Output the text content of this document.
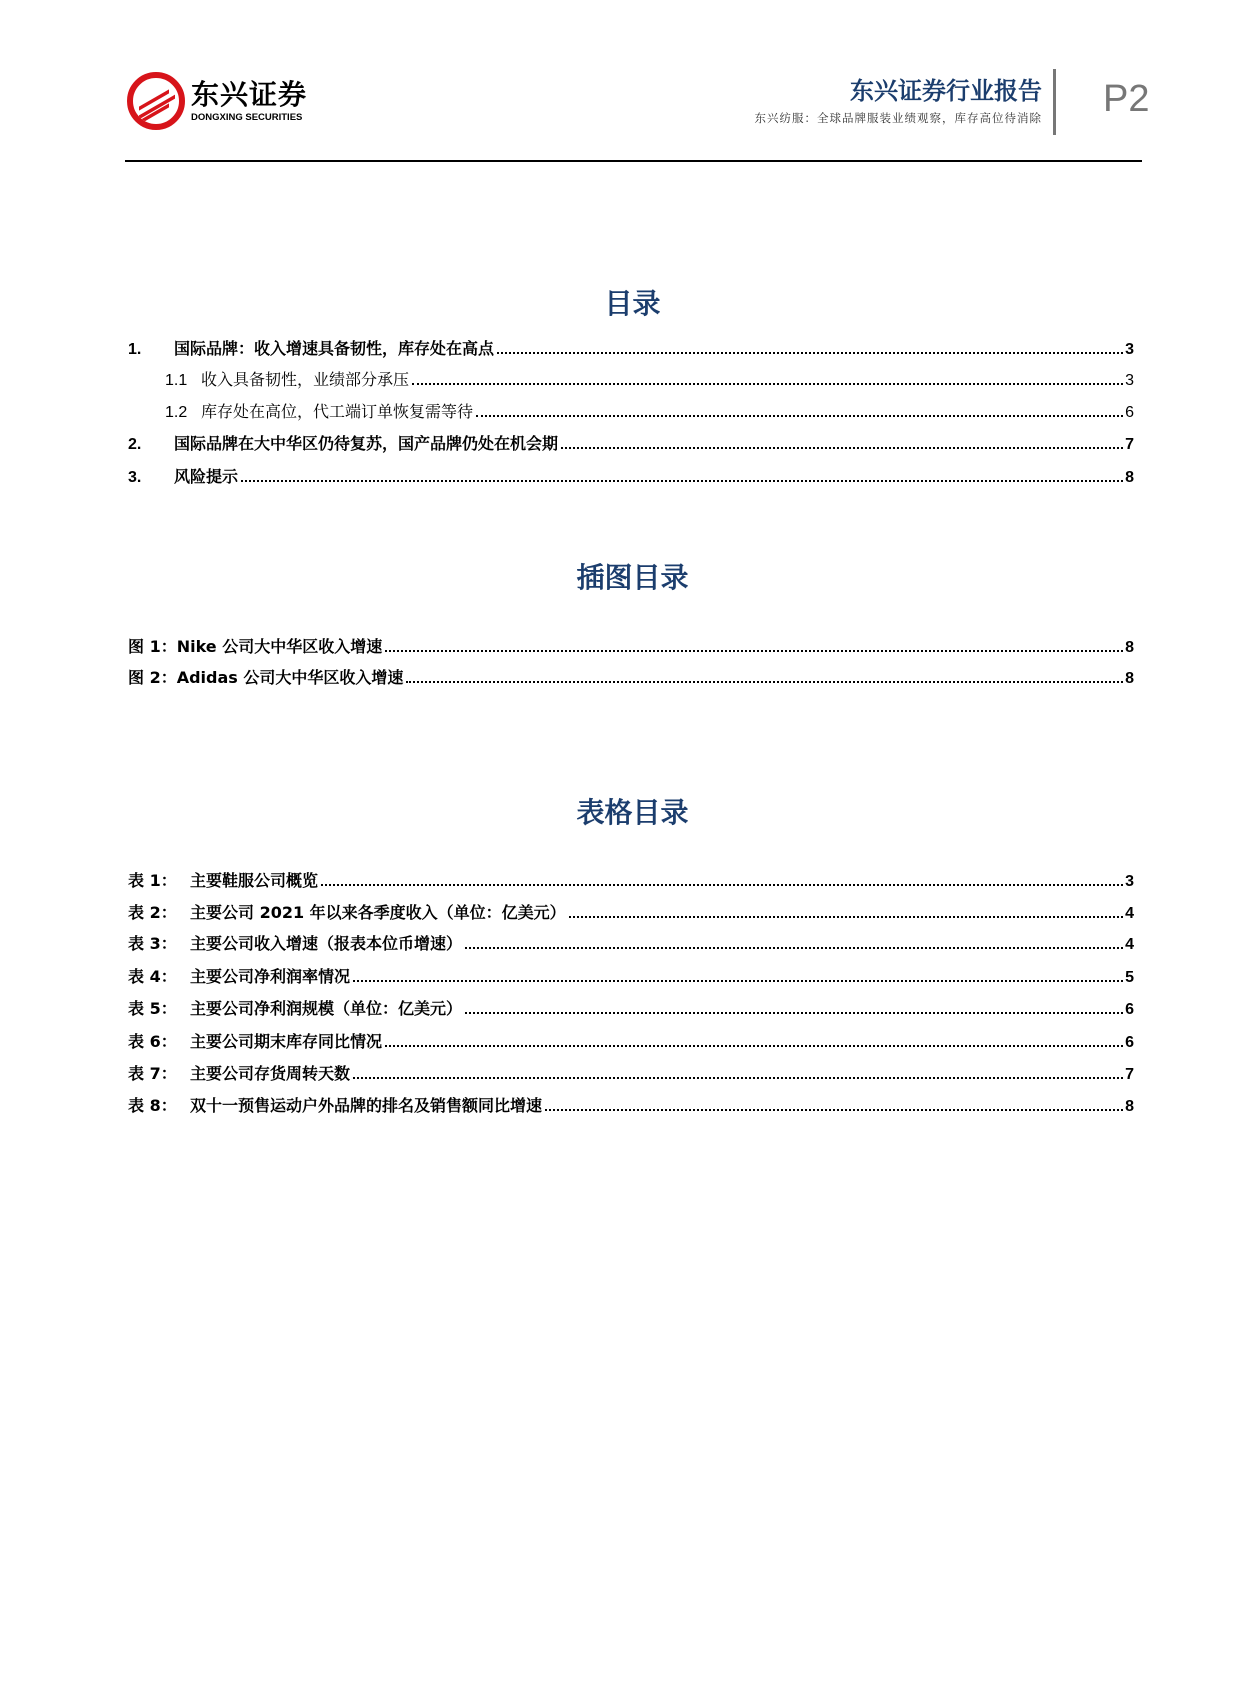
东兴证券
DONGXING SECURITIES
东兴证券行业报告
东兴纺服：全球品牌服装业绩观察，库存高位待消除 P2
目录
1.	国际品牌：收入增速具备韧性，库存处在高点	3
1.1 收入具备韧性，业绩部分承压	3
1.2 库存处在高位，代工端订单恢复需等待	6
2.	国际品牌在大中华区仍待复苏，国产品牌仍处在机会期	7
3.	风险提示	8
插图目录
图 1：Nike 公司大中华区收入增速	8
图 2：Adidas 公司大中华区收入增速	8
表格目录
表 1： 主要鞋服公司概览	3
表 2： 主要公司 2021 年以来各季度收入（单位：亿美元）	4
表 3： 主要公司收入增速（报表本位币增速）	4
表 4： 主要公司净利润率情况	5
表 5： 主要公司净利润规模（单位：亿美元）	6
表 6： 主要公司期末库存同比情况	6
表 7： 主要公司存货周转天数	7
表 8： 双十一预售运动户外品牌的排名及销售额同比增速	8
